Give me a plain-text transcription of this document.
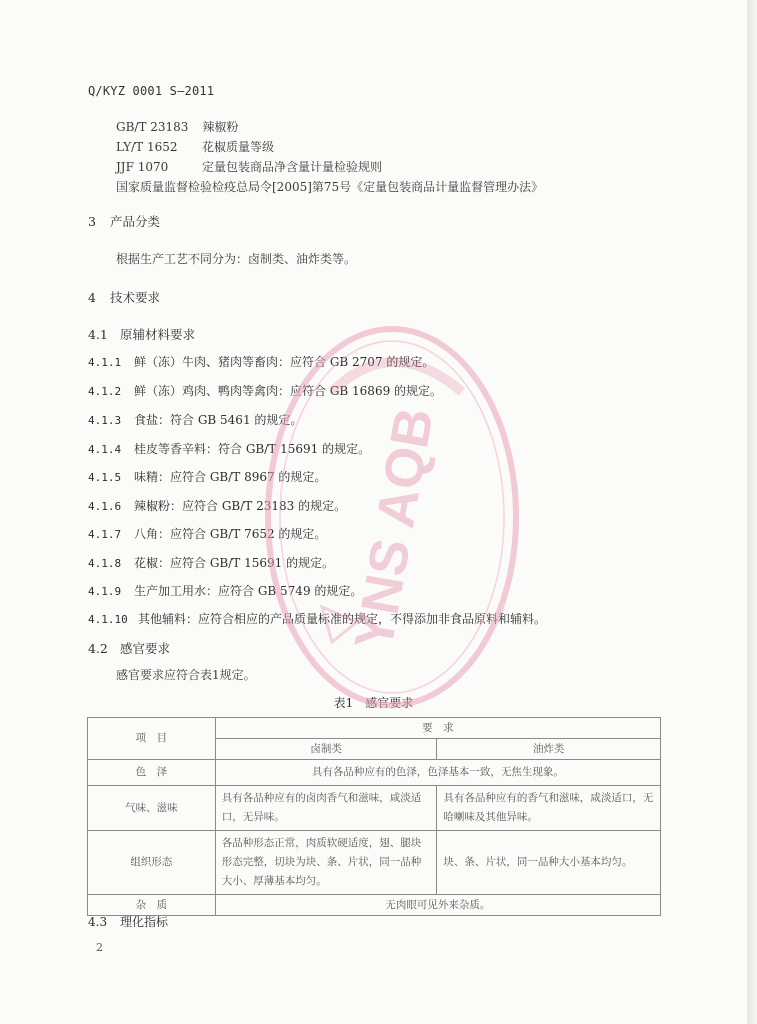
Q/KYZ 0001 S—2011
GB/T 23183 辣椒粉
LY/T 1652 花椒质量等级
JJF 1070	定量包装商品净含量计量检验规则
国家质量监督检验检疫总局令[2005]第75号《定量包装商品计量监督管理办法》
3 产品分类
根据生产工艺不同分为：卤制类、油炸类等。
4 技术要求
4.1 原辅材料要求
4.1.1 鲜（冻）牛肉、猪肉等畜肉：应符合 GB 2707 的规定。
4.1.2 鲜（冻）鸡肉、鸭肉等禽肉：应符合 GB 16869 的规定。
4.1.3 食盐：符合 GB 5461 的规定。
4.1.4 桂皮等香辛料：符合 GB/T 15691 的规定。
4.1.5 味精：应符合 GB/T 8967 的规定。
4.1.6 辣椒粉：应符合 GB/T 23183 的规定。
4.1.7 八角：应符合 GB/T 7652 的规定。
4.1.8 花椒：应符合 GB/T 15691 的规定。
4.1.9 生产加工用水：应符合 GB 5749 的规定。
4.1.10 其他辅料：应符合相应的产品质量标准的规定，不得添加非食品原料和辅料。
4.2 感官要求
感官要求应符合表1规定。
表1　感官要求
项　目	要　求	
	卤制类	油炸类
色　泽	具有各品种应有的色泽，色泽基本一致，无焦生现象。	
气味、滋味	具有各品种应有的卤肉香气和滋味，咸淡适口，无异味。	具有各品种应有的香气和滋味，咸淡适口，无哈喇味及其他异味。
组织形态	各品种形态正常，肉质软硬适度，翅、腿块形态完整，切块为块、条、片状，同一品种大小、厚薄基本均匀。	块、条、片状，同一品种大小基本均匀。
杂　质	无肉眼可见外来杂质。	
4.3 理化指标
2
YNS AQB
